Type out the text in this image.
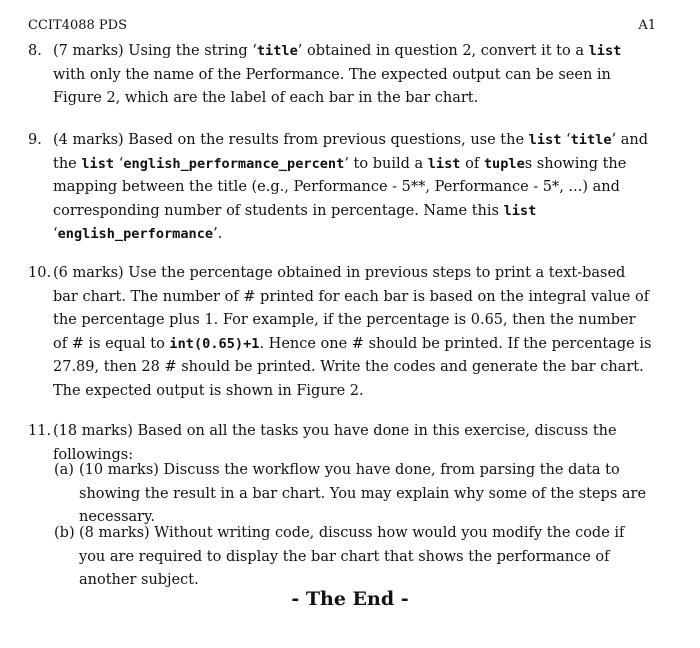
CCIT4088 PDS	A1
8. (7 marks) Using the string ‘title’ obtained in question 2, convert it to a list with only the name of the Performance. The expected output can be seen in Figure 2, which are the label of each bar in the bar chart.
9. (4 marks) Based on the results from previous questions, use the list ‘title’ and the list ‘english_performance_percent’ to build a list of tuples showing the mapping between the title (e.g., Performance - 5**, Performance - 5*, ...) and corresponding number of students in percentage. Name this list ‘english_performance’.
10. (6 marks) Use the percentage obtained in previous steps to print a text-based bar chart. The number of # printed for each bar is based on the integral value of the percentage plus 1. For example, if the percentage is 0.65, then the number of # is equal to int(0.65)+1. Hence one # should be printed. If the percentage is 27.89, then 28 # should be printed. Write the codes and generate the bar chart. The expected output is shown in Figure 2.
11. (18 marks) Based on all the tasks you have done in this exercise, discuss the followings:
(a) (10 marks) Discuss the workflow you have done, from parsing the data to showing the result in a bar chart. You may explain why some of the steps are necessary.
(b) (8 marks) Without writing code, discuss how would you modify the code if you are required to display the bar chart that shows the performance of another subject.
- The End -
